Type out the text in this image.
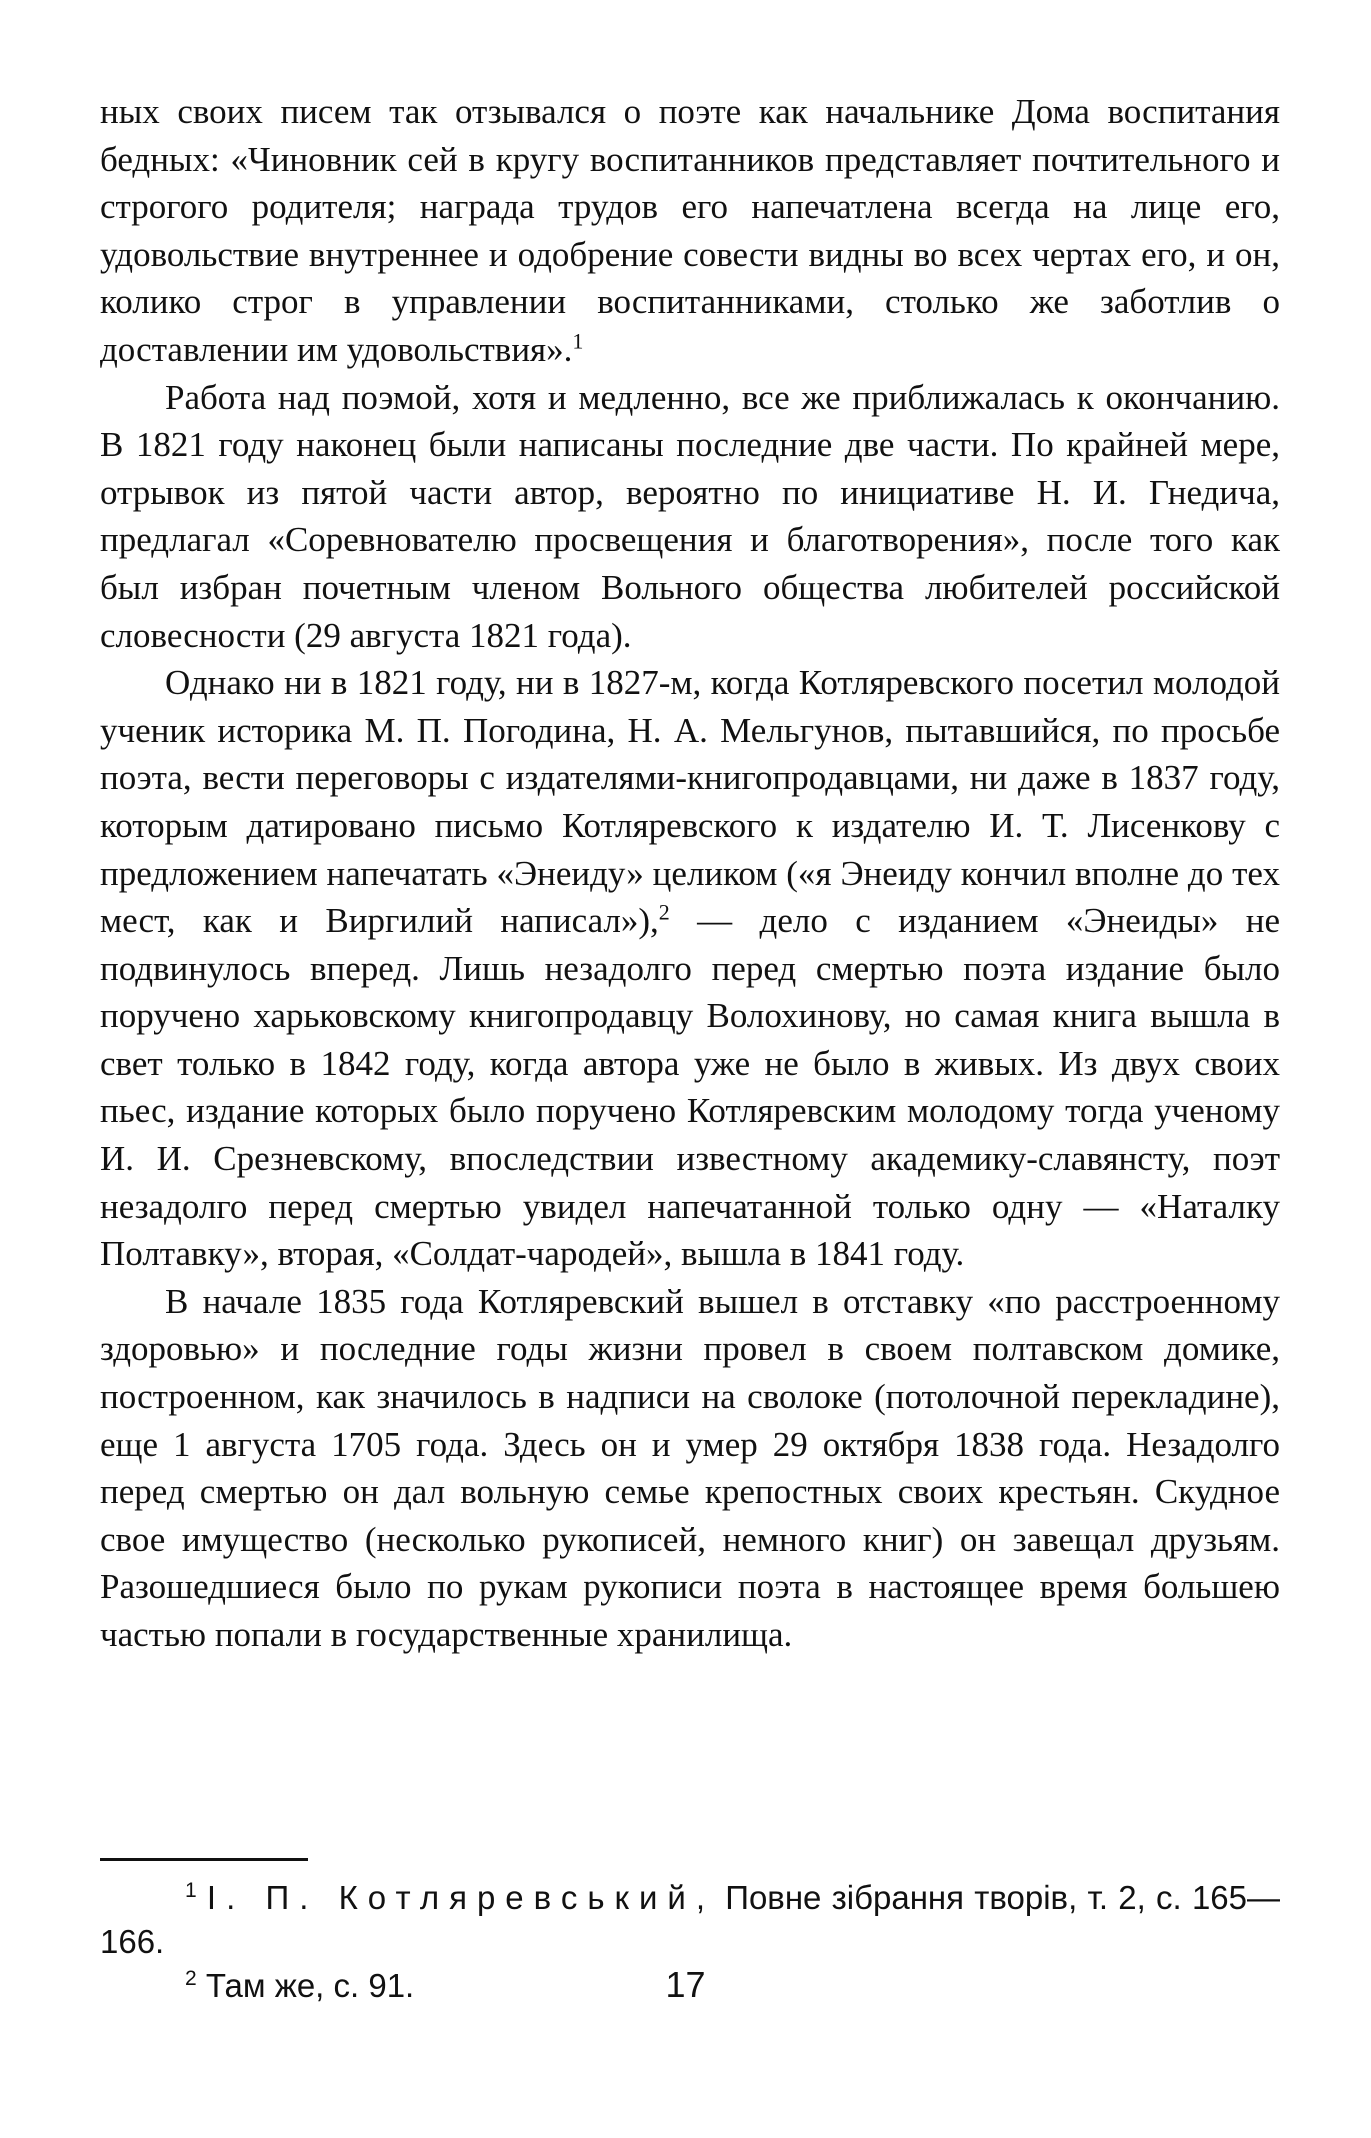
ных своих писем так отзывался о поэте как начальнике Дома воспитания бедных: «Чиновник сей в кругу воспитанников представляет почтительного и строгого родителя; награда трудов его напечатлена всегда на лице его, удовольствие внутреннее и одобрение совести видны во всех чертах его, и он, колико строг в управлении воспитанниками, столько же заботлив о доставлении им удовольствия».$^1$

Работа над поэмой, хотя и медленно, все же приближалась к окончанию. В 1821 году наконец были написаны последние две части. По крайней мере, отрывок из пятой части автор, вероятно по инициативе Н. И. Гнедича, предлагал «Соревнователю просвещения и благотворения», после того как был избран почетным членом Вольного общества любителей российской словесности (29 августа 1821 года).

Однако ни в 1821 году, ни в 1827-м, когда Котляревского посетил молодой ученик историка М. П. Погодина, Н. А. Мельгунов, пытавшийся, по просьбе поэта, вести переговоры с издателями-книгопродавцами, ни даже в 1837 году, которым датировано письмо Котляревского к издателю И. Т. Лисенкову с предложением напечатать «Энеиду» целиком («я Энеиду кончил вполне до тех мест, как и Виргилий написал»),$^2$ — дело с изданием «Энеиды» не подвинулось вперед. Лишь незадолго перед смертью поэта издание было поручено харьковскому книгопродавцу Волохинову, но самая книга вышла в свет только в 1842 году, когда автора уже не было в живых. Из двух своих пьес, издание которых было поручено Котляревским молодому тогда ученому И. И. Срезневскому, впоследствии известному академику-славянсту, поэт незадолго перед смертью увидел напечатанной только одну — «Наталку Полтавку», вторая, «Солдат-чародей», вышла в 1841 году.

В начале 1835 года Котляревский вышел в отставку «по расстроенному здоровью» и последние годы жизни провел в своем полтавском домике, построенном, как значилось в надписи на сволоке (потолочной перекладине), еще 1 августа 1705 года. Здесь он и умер 29 октября 1838 года. Незадолго перед смертью он дал вольную семье крепостных своих крестьян. Скудное свое имущество (несколько рукописей, немного книг) он завещал друзьям. Разошедшиеся было по рукам рукописи поэта в настоящее время большею частью попали в государственные хранилища.

$^1$ І. П. Котляревський, Повне зібрання творів, т. 2, с. 165—166.

$^2$ Там же, с. 91.	17
